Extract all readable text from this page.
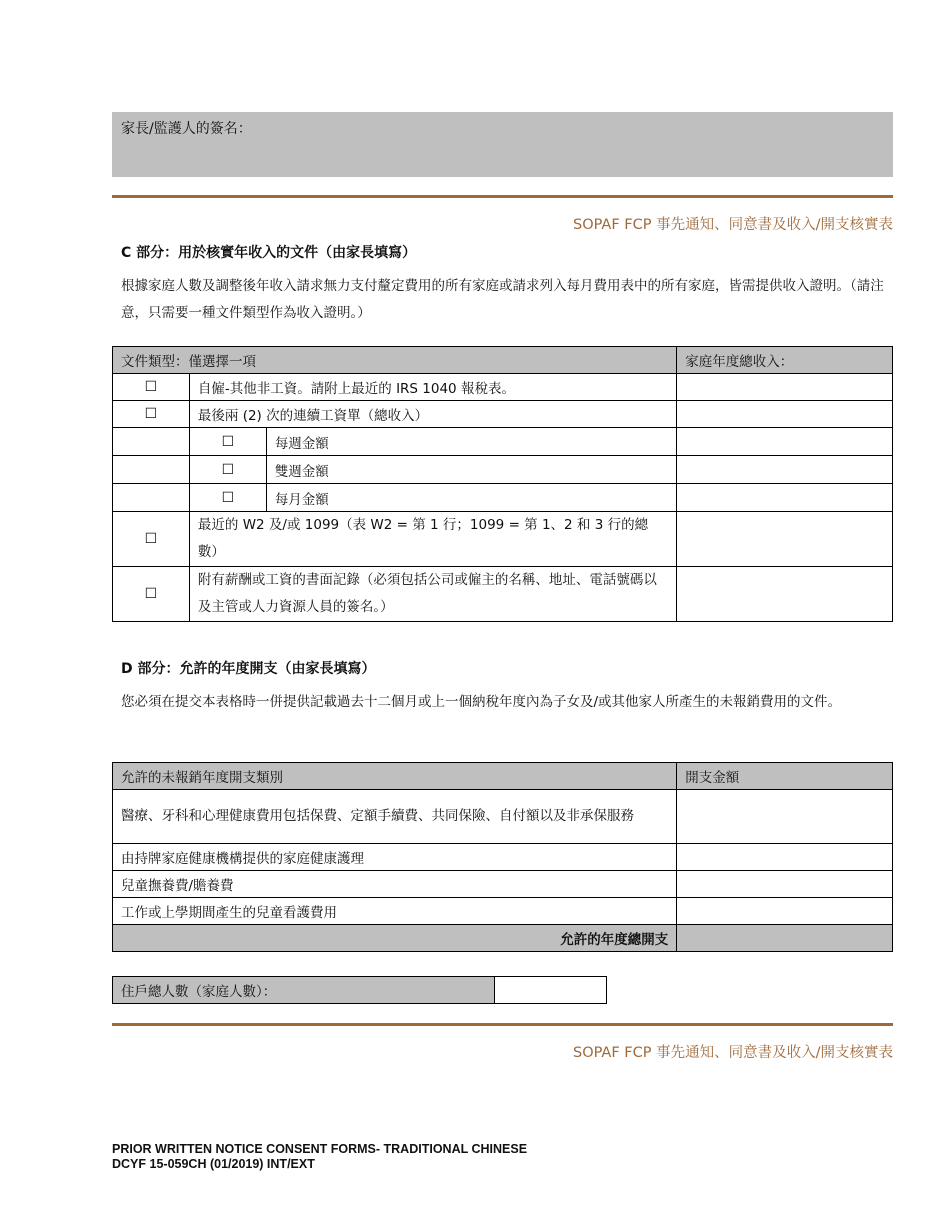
家長/監護人的簽名：
SOPAF FCP 事先通知、同意書及收入/開支核實表
C 部分：用於核實年收入的文件（由家長填寫）
根據家庭人數及調整後年收入請求無力支付釐定費用的所有家庭或請求列入每月費用表中的所有家庭，皆需提供收入證明。（請注意，只需要一種文件類型作為收入證明。）
文件類型：僅選擇一項			家庭年度總收入：
☐	自僱-其他非工資。請附上最近的 IRS 1040 報稅表。		
☐	最後兩 (2) 次的連續工資單（總收入）		
	☐	每週金額	
	☐	雙週金額	
	☐	每月金額	
☐	最近的 W2 及/或 1099（表 W2 = 第 1 行；1099 = 第 1、2 和 3 行的總數）		
☐	附有薪酬或工資的書面記錄（必須包括公司或僱主的名稱、地址、電話號碼以及主管或人力資源人員的簽名。）		
D 部分：允許的年度開支（由家長填寫）
您必須在提交本表格時一併提供記載過去十二個月或上一個納稅年度內為子女及/或其他家人所產生的未報銷費用的文件。
允許的未報銷年度開支類別	開支金額
醫療、牙科和心理健康費用包括保費、定額手續費、共同保險、自付額以及非承保服務	
由持牌家庭健康機構提供的家庭健康護理	
兒童撫養費/贍養費	
工作或上學期間產生的兒童看護費用	
允許的年度總開支	
住戶總人數（家庭人數）：	
SOPAF FCP 事先通知、同意書及收入/開支核實表
PRIOR WRITTEN NOTICE CONSENT FORMS- TRADITIONAL CHINESE
DCYF 15-059CH (01/2019) INT/EXT
